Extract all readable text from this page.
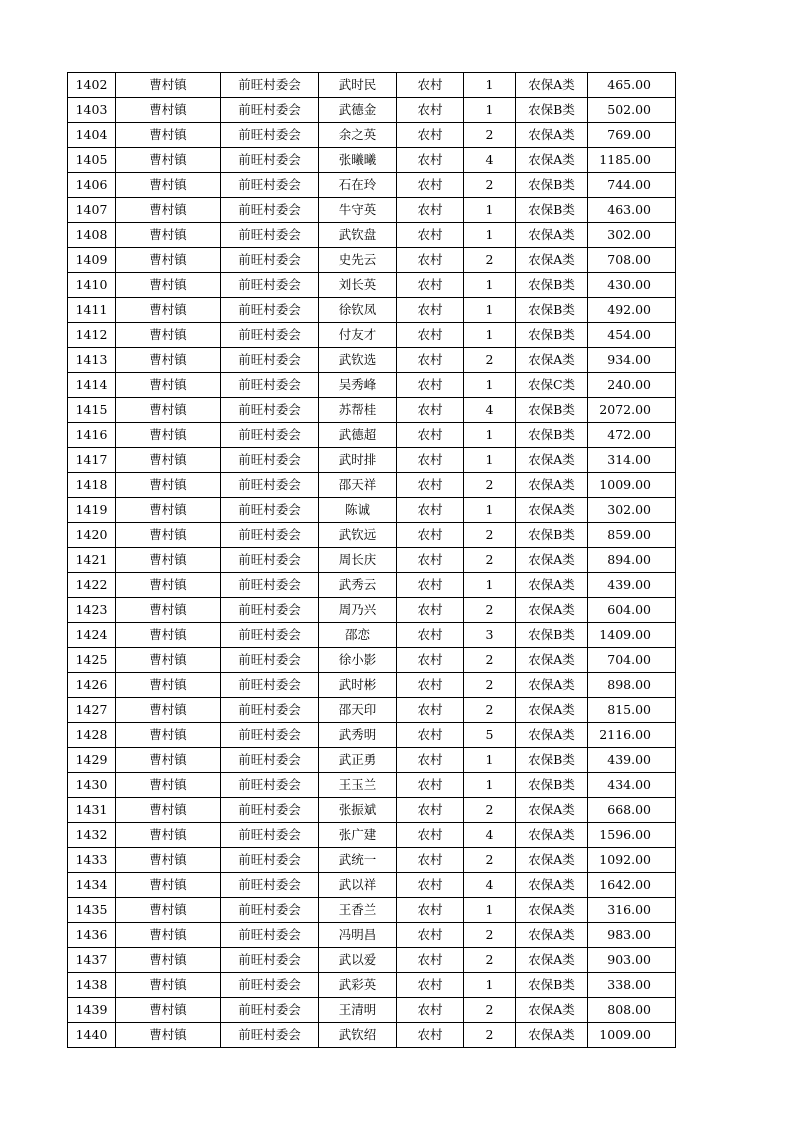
1402	曹村镇	前旺村委会	武时民	农村	1	农保A类	465.00
1403	曹村镇	前旺村委会	武德金	农村	1	农保B类	502.00
1404	曹村镇	前旺村委会	余之英	农村	2	农保A类	769.00
1405	曹村镇	前旺村委会	张曦曦	农村	4	农保A类	1185.00
1406	曹村镇	前旺村委会	石在玲	农村	2	农保B类	744.00
1407	曹村镇	前旺村委会	牛守英	农村	1	农保B类	463.00
1408	曹村镇	前旺村委会	武钦盘	农村	1	农保A类	302.00
1409	曹村镇	前旺村委会	史先云	农村	2	农保A类	708.00
1410	曹村镇	前旺村委会	刘长英	农村	1	农保B类	430.00
1411	曹村镇	前旺村委会	徐钦凤	农村	1	农保B类	492.00
1412	曹村镇	前旺村委会	付友才	农村	1	农保B类	454.00
1413	曹村镇	前旺村委会	武钦选	农村	2	农保A类	934.00
1414	曹村镇	前旺村委会	吴秀峰	农村	1	农保C类	240.00
1415	曹村镇	前旺村委会	苏帮桂	农村	4	农保B类	2072.00
1416	曹村镇	前旺村委会	武德超	农村	1	农保B类	472.00
1417	曹村镇	前旺村委会	武时排	农村	1	农保A类	314.00
1418	曹村镇	前旺村委会	邵天祥	农村	2	农保A类	1009.00
1419	曹村镇	前旺村委会	陈诚	农村	1	农保A类	302.00
1420	曹村镇	前旺村委会	武钦远	农村	2	农保B类	859.00
1421	曹村镇	前旺村委会	周长庆	农村	2	农保A类	894.00
1422	曹村镇	前旺村委会	武秀云	农村	1	农保A类	439.00
1423	曹村镇	前旺村委会	周乃兴	农村	2	农保A类	604.00
1424	曹村镇	前旺村委会	邵恋	农村	3	农保B类	1409.00
1425	曹村镇	前旺村委会	徐小影	农村	2	农保A类	704.00
1426	曹村镇	前旺村委会	武时彬	农村	2	农保A类	898.00
1427	曹村镇	前旺村委会	邵天印	农村	2	农保A类	815.00
1428	曹村镇	前旺村委会	武秀明	农村	5	农保A类	2116.00
1429	曹村镇	前旺村委会	武正勇	农村	1	农保B类	439.00
1430	曹村镇	前旺村委会	王玉兰	农村	1	农保B类	434.00
1431	曹村镇	前旺村委会	张振斌	农村	2	农保A类	668.00
1432	曹村镇	前旺村委会	张广建	农村	4	农保A类	1596.00
1433	曹村镇	前旺村委会	武统一	农村	2	农保A类	1092.00
1434	曹村镇	前旺村委会	武以祥	农村	4	农保A类	1642.00
1435	曹村镇	前旺村委会	王香兰	农村	1	农保A类	316.00
1436	曹村镇	前旺村委会	冯明昌	农村	2	农保A类	983.00
1437	曹村镇	前旺村委会	武以爱	农村	2	农保A类	903.00
1438	曹村镇	前旺村委会	武彩英	农村	1	农保B类	338.00
1439	曹村镇	前旺村委会	王清明	农村	2	农保A类	808.00
1440	曹村镇	前旺村委会	武钦绍	农村	2	农保A类	1009.00
